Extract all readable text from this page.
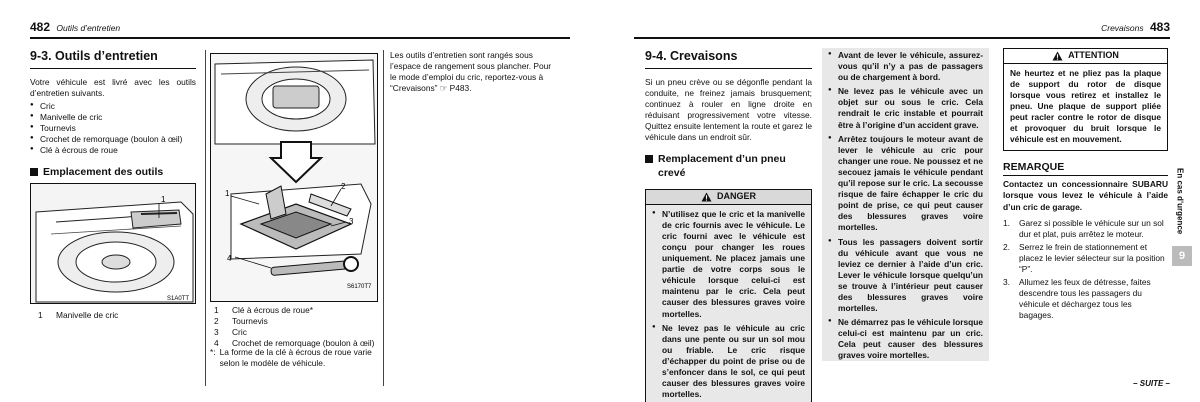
482 Outils d’entretien
9-3. Outils d’entretien
Votre véhicule est livré avec les outils d’entretien suivants.
● Cric
● Manivelle de cric
● Tournevis
● Crochet de remorquage (boulon à œil)
● Clé à écrous de roue
Emplacement des outils
1
S1A0TT
1	Manivelle de cric
1
2
3
4
S6170T7
1	Clé à écrous de roue*
2	Tournevis
3	Cric
4	Crochet de remorquage (boulon à œil)
*: La forme de la clé à écrous de roue varie selon le modèle de véhicule.
Les outils d’entretien sont rangés sous l’espace de rangement sous plancher. Pour le mode d’emploi du cric, reportez-vous à “Crevaisons” ☞ P483.
Crevaisons 483
9-4. Crevaisons
Si un pneu crève ou se dégonfle pendant la conduite, ne freinez jamais brusquement; continuez à rouler en ligne droite en réduisant progressivement votre vitesse. Quittez ensuite lentement la route et garez le véhicule dans un endroit sûr.
Remplacement d’un pneu crevé
DANGER
● N’utilisez que le cric et la manivelle de cric fournis avec le véhicule. Le cric fourni avec le véhicule est conçu pour changer les roues uniquement. Ne placez jamais une partie de votre corps sous le véhicule lorsque celui-ci est maintenu par le cric. Cela peut causer des blessures graves voire mortelles.
● Ne levez pas le véhicule au cric dans une pente ou sur un sol mou ou friable. Le cric risque d’échapper du point de prise ou de s’enfoncer dans le sol, ce qui peut causer des blessures graves voire mortelles.
● Avant de lever le véhicule, assurez-vous qu’il n’y a pas de passagers ou de chargement à bord.
● Ne levez pas le véhicule avec un objet sur ou sous le cric. Cela rendrait le cric instable et pourrait être à l’origine d’un accident grave.
● Arrêtez toujours le moteur avant de lever le véhicule au cric pour changer une roue. Ne poussez et ne secouez jamais le véhicule pendant qu’il repose sur le cric. La secousse risque de faire échapper le cric du point de prise, ce qui peut causer des blessures graves voire mortelles.
● Tous les passagers doivent sortir du véhicule avant que vous ne leviez ce dernier à l’aide d’un cric. Lever le véhicule lorsque quelqu’un se trouve à l’intérieur peut causer des blessures graves voire mortelles.
● Ne démarrez pas le véhicule lorsque celui-ci est maintenu par un cric. Cela peut causer des blessures graves voire mortelles.
ATTENTION
Ne heurtez et ne pliez pas la plaque de support du rotor de disque lorsque vous retirez et installez le pneu. Une plaque de support pliée peut racler contre le rotor de disque et provoquer du bruit lorsque le véhicule est en mouvement.
REMARQUE
Contactez un concessionnaire SUBARU lorsque vous levez le véhicule à l’aide d’un cric de garage.
1.	Garez si possible le véhicule sur un sol dur et plat, puis arrêtez le moteur.
2.	Serrez le frein de stationnement et placez le levier sélecteur sur la position “P”.
3.	Allumez les feux de détresse, faites descendre tous les passagers du véhicule et déchargez tous les bagages.
En cas d’urgence
9
– SUITE –
